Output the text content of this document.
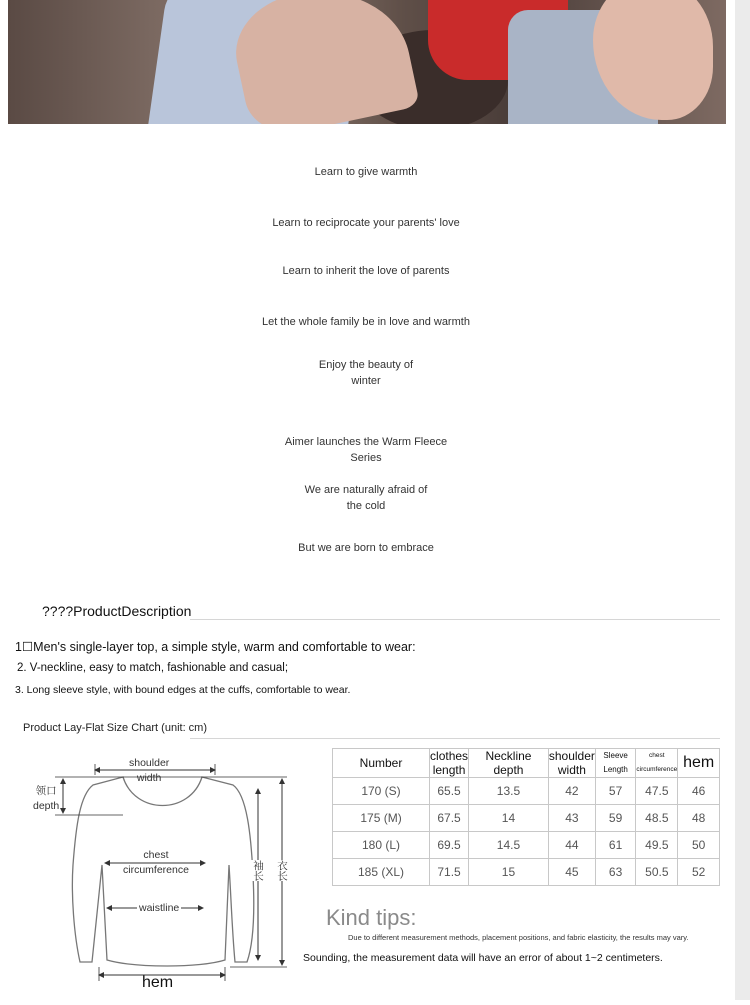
Learn to give warmth
Learn to reciprocate your parents' love
Learn to inherit the love of parents
Let the whole family be in love and warmth
Enjoy the beauty of
winter
Aimer launches the Warm Fleece
Series
We are naturally afraid of
the cold
But we are born to embrace
????ProductDescription
1☐Men's single-layer top, a simple style, warm and comfortable to wear:
2. V-neckline, easy to match, fashionable and casual;
3. Long sleeve style, with bound edges at the cuffs, comfortable to wear.
Product Lay-Flat Size Chart (unit: cm)
shoulder
width
领口
depth
chest
circumference
waistline
袖长 衣长
hem
Number	clothes length	Neckline depth	shoulder width	Sleeve Length	chest circumference	hem
170 (S)	65.5	13.5	42	57	47.5	46
175 (M)	67.5	14	43	59	48.5	48
180 (L)	69.5	14.5	44	61	49.5	50
185 (XL)	71.5	15	45	63	50.5	52
Kind tips:
Due to different measurement methods, placement positions, and fabric elasticity, the results may vary.
Sounding, the measurement data will have an error of about 1~2 centimeters.
